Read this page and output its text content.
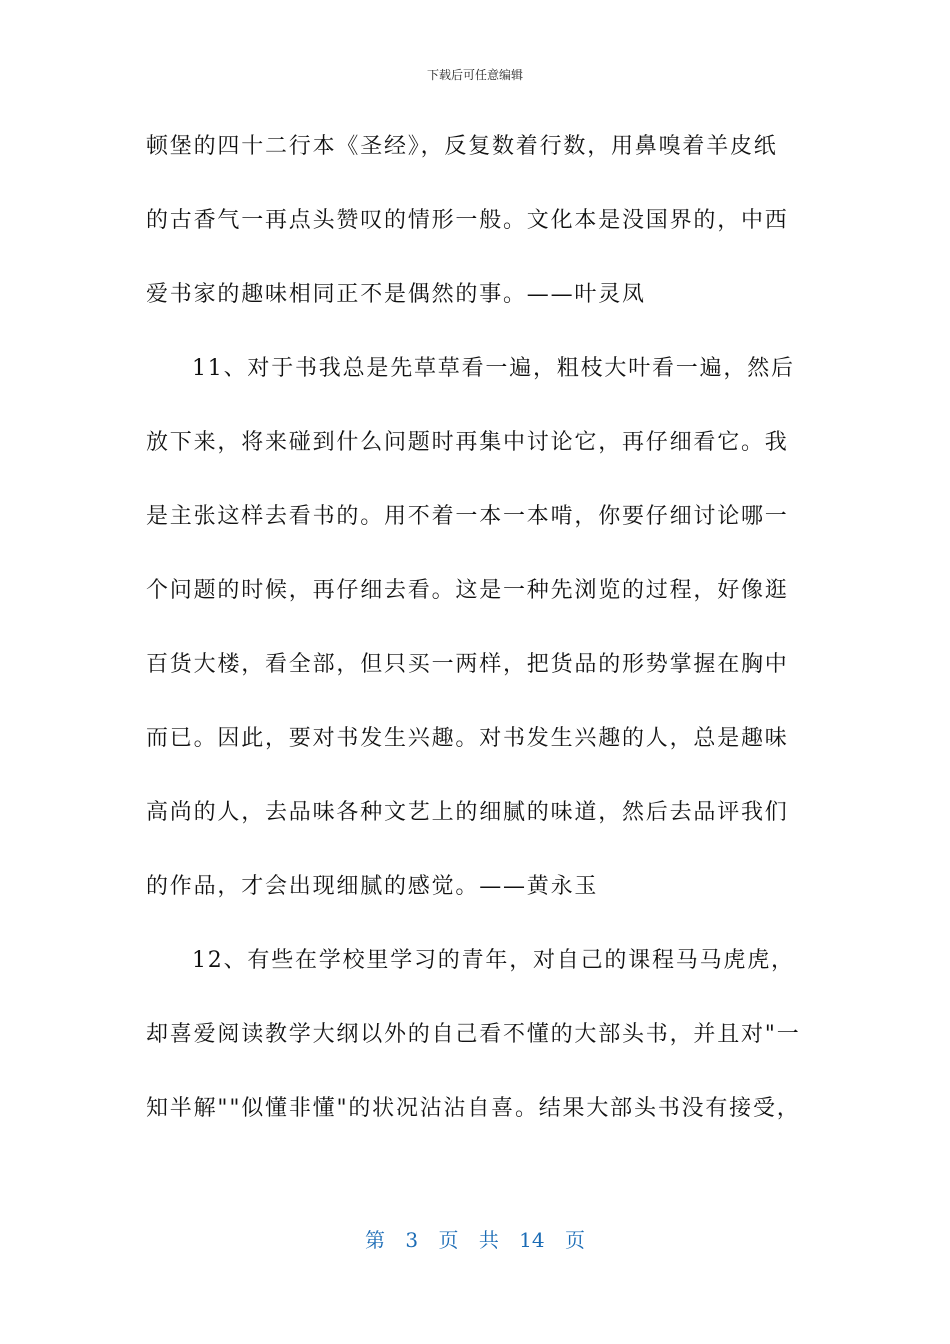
下载后可任意编辑
顿堡的四十二行本《圣经》，反复数着行数，用鼻嗅着羊皮纸
的古香气一再点头赞叹的情形一般。文化本是没国界的，中西
爱书家的趣味相同正不是偶然的事。——叶灵凤
11、对于书我总是先草草看一遍，粗枝大叶看一遍，然后
放下来，将来碰到什么问题时再集中讨论它，再仔细看它。我
是主张这样去看书的。用不着一本一本啃，你要仔细讨论哪一
个问题的时候，再仔细去看。这是一种先浏览的过程，好像逛
百货大楼，看全部，但只买一两样，把货品的形势掌握在胸中
而已。因此，要对书发生兴趣。对书发生兴趣的人，总是趣味
高尚的人，去品味各种文艺上的细腻的味道，然后去品评我们
的作品，才会出现细腻的感觉。——黄永玉
12、有些在学校里学习的青年，对自己的课程马马虎虎，
却喜爱阅读教学大纲以外的自己看不懂的大部头书，并且对"一
知半解""似懂非懂"的状况沾沾自喜。结果大部头书没有接受，
第 3 页 共 14 页
